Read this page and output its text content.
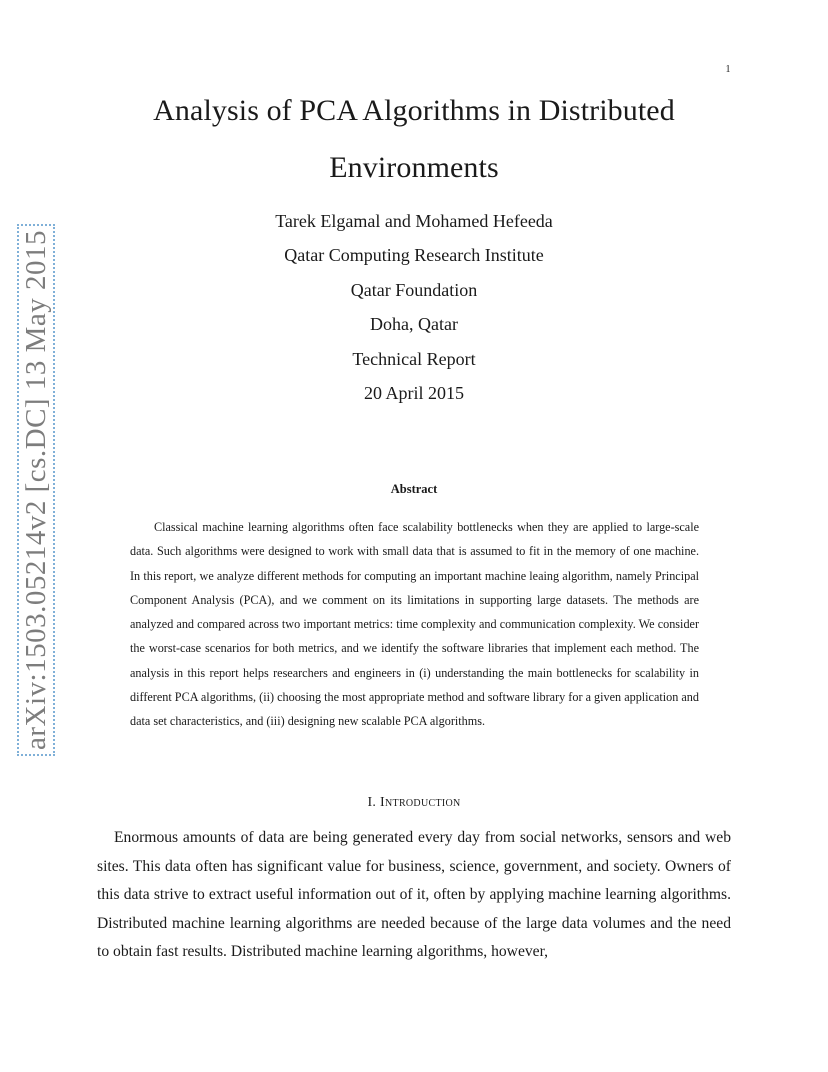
arXiv:1503.05214v2 [cs.DC] 13 May 2015
1
Analysis of PCA Algorithms in Distributed Environments
Tarek Elgamal and Mohamed Hefeeda
Qatar Computing Research Institute
Qatar Foundation
Doha, Qatar
Technical Report
20 April 2015
Abstract

Classical machine learning algorithms often face scalability bottlenecks when they are applied to large-scale data. Such algorithms were designed to work with small data that is assumed to fit in the memory of one machine. In this report, we analyze different methods for computing an important machine leaing algorithm, namely Principal Component Analysis (PCA), and we comment on its limitations in supporting large datasets. The methods are analyzed and compared across two important metrics: time complexity and communication complexity. We consider the worst-case scenarios for both metrics, and we identify the software libraries that implement each method. The analysis in this report helps researchers and engineers in (i) understanding the main bottlenecks for scalability in different PCA algorithms, (ii) choosing the most appropriate method and software library for a given application and data set characteristics, and (iii) designing new scalable PCA algorithms.

I. Introduction

Enormous amounts of data are being generated every day from social networks, sensors and web sites. This data often has significant value for business, science, government, and society. Owners of this data strive to extract useful information out of it, often by applying machine learning algorithms. Distributed machine learning algorithms are needed because of the large data volumes and the need to obtain fast results. Distributed machine learning algorithms, however,
